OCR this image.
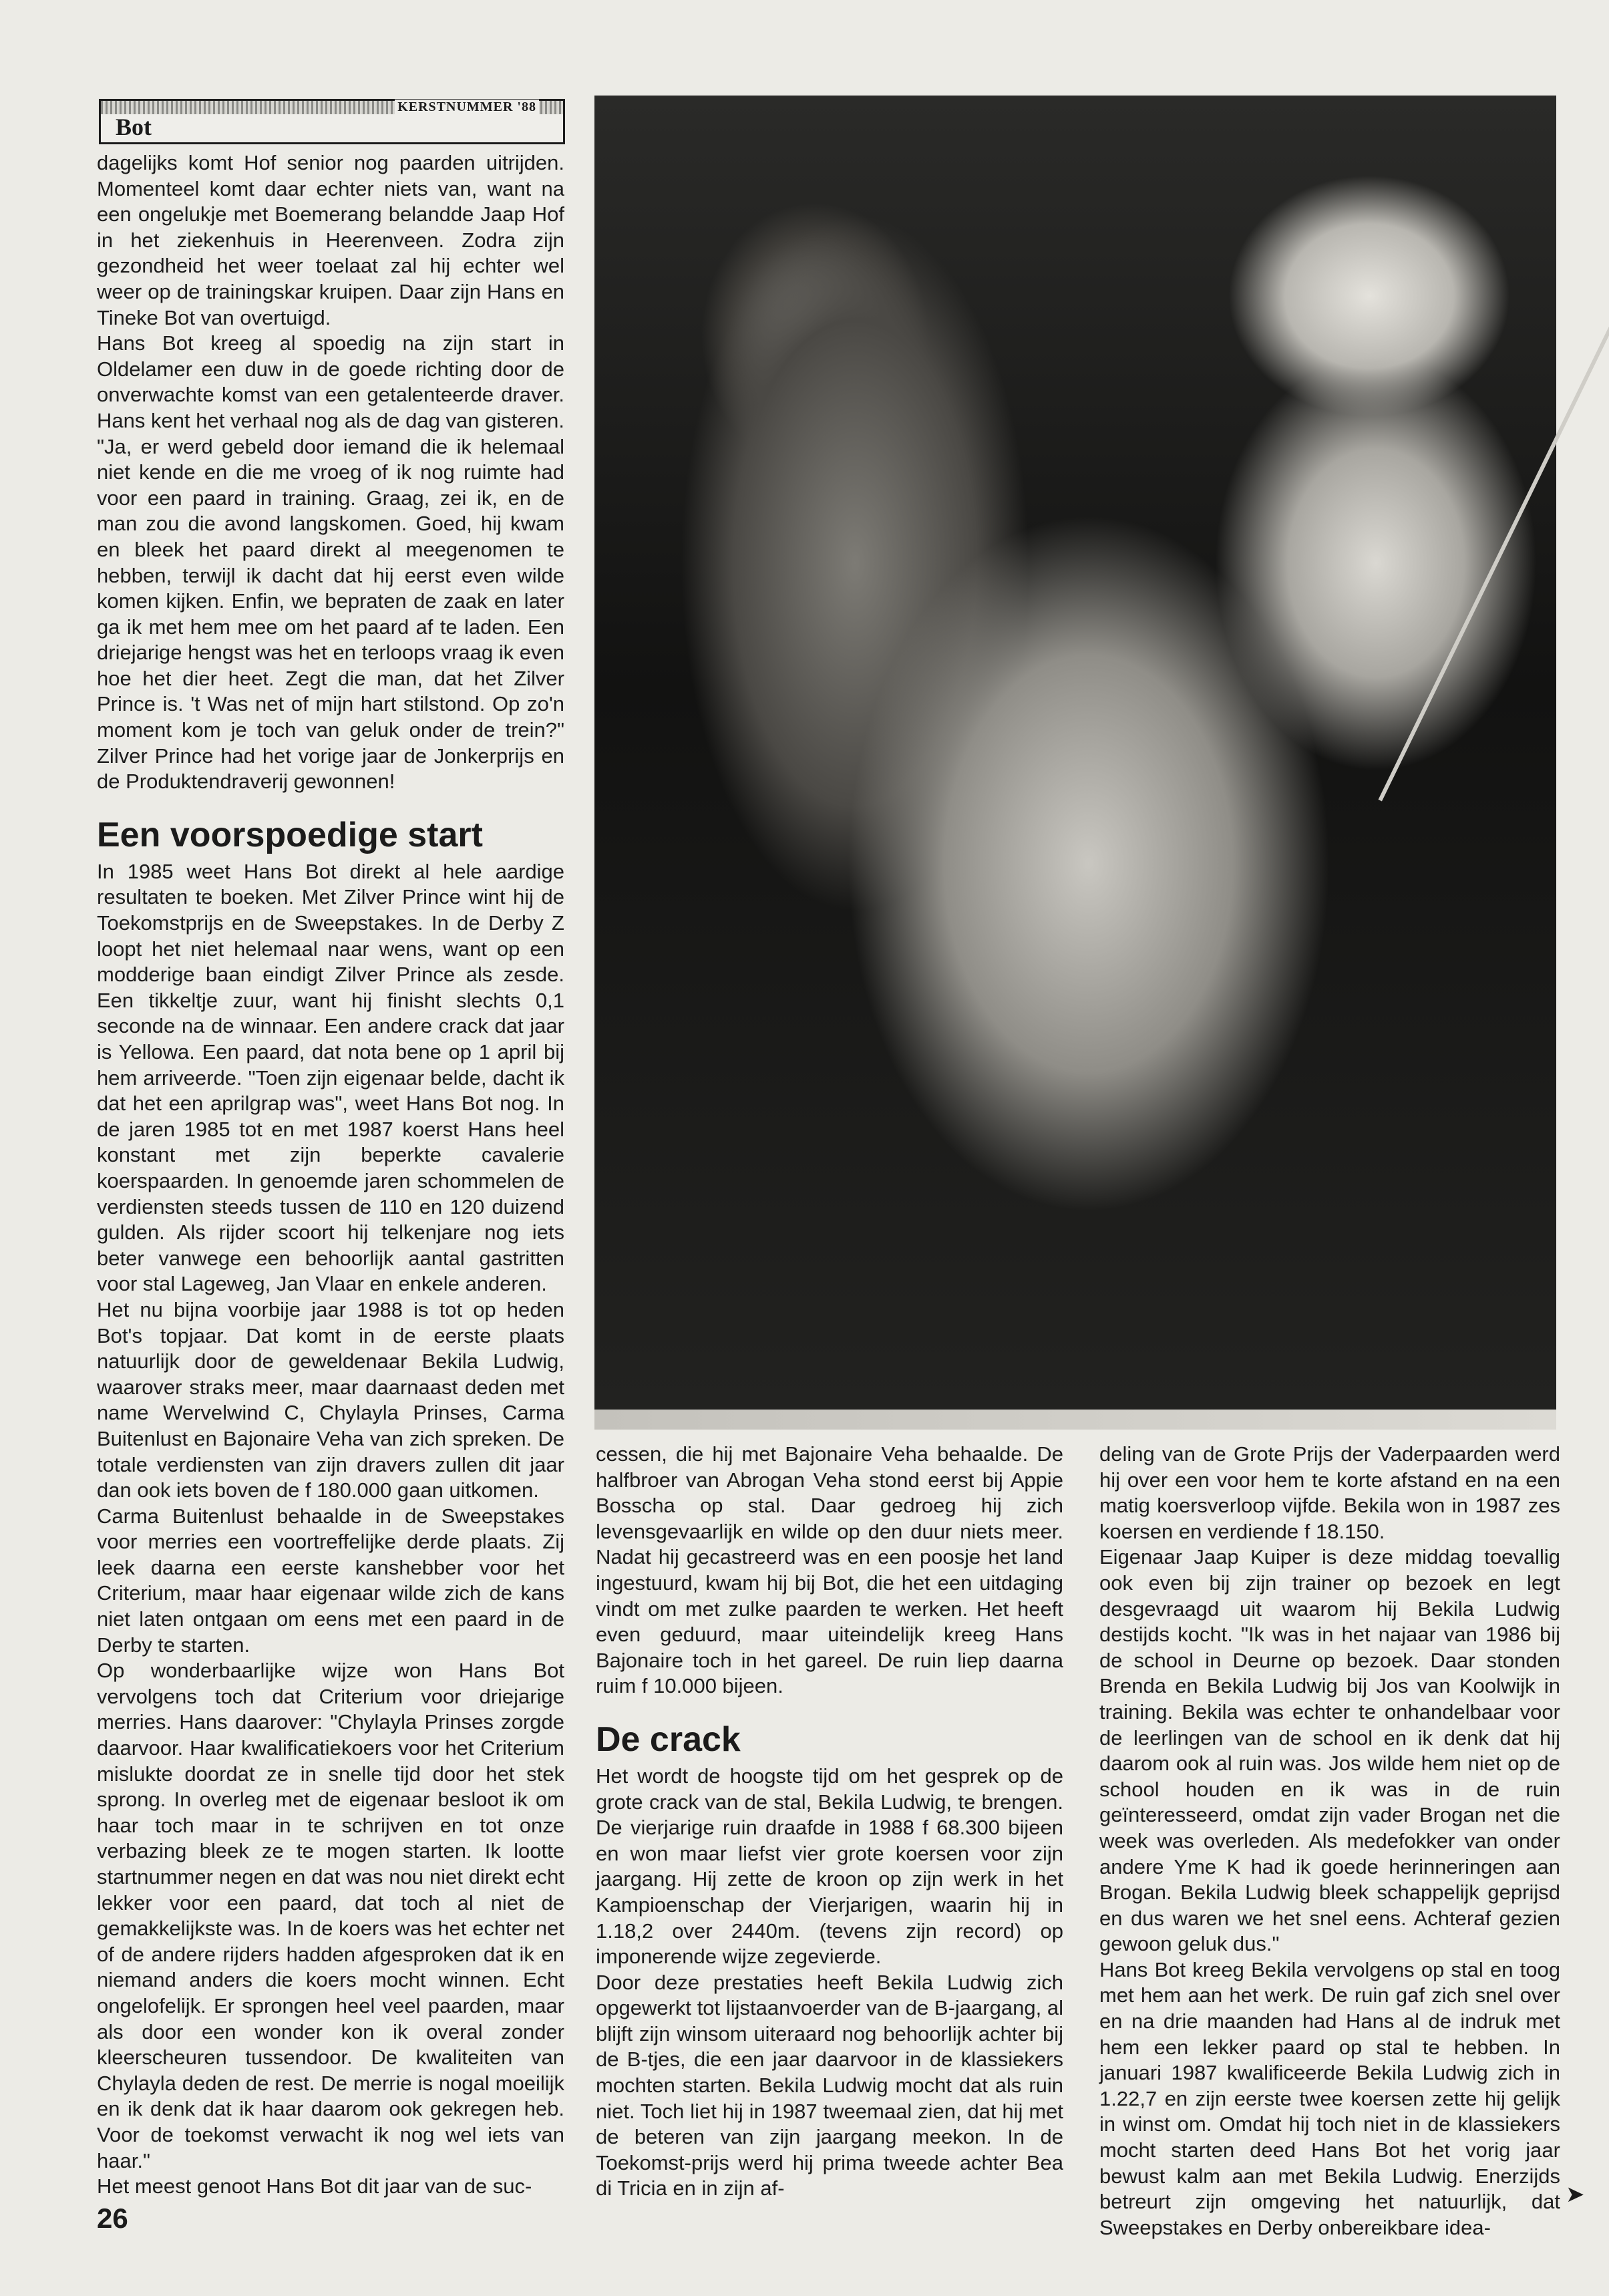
KERSTNUMMER '88
Bot

dagelijks komt Hof senior nog paarden uitrijden. Momenteel komt daar echter niets van, want na een ongelukje met Boemerang belandde Jaap Hof in het ziekenhuis in Heerenveen. Zodra zijn gezondheid het weer toelaat zal hij echter wel weer op de trainingskar kruipen. Daar zijn Hans en Tineke Bot van overtuigd.

Hans Bot kreeg al spoedig na zijn start in Oldelamer een duw in de goede richting door de onverwachte komst van een getalenteerde draver. Hans kent het verhaal nog als de dag van gisteren. "Ja, er werd gebeld door iemand die ik helemaal niet kende en die me vroeg of ik nog ruimte had voor een paard in training. Graag, zei ik, en de man zou die avond langskomen. Goed, hij kwam en bleek het paard direkt al meegenomen te hebben, terwijl ik dacht dat hij eerst even wilde komen kijken. Enfin, we bepraten de zaak en later ga ik met hem mee om het paard af te laden. Een driejarige hengst was het en terloops vraag ik even hoe het dier heet. Zegt die man, dat het Zilver Prince is. 't Was net of mijn hart stilstond. Op zo'n moment kom je toch van geluk onder de trein?" Zilver Prince had het vorige jaar de Jonkerprijs en de Produktendraverij gewonnen!

Een voorspoedige start

In 1985 weet Hans Bot direkt al hele aardige resultaten te boeken. Met Zilver Prince wint hij de Toekomstprijs en de Sweepstakes. In de Derby Z loopt het niet helemaal naar wens, want op een modderige baan eindigt Zilver Prince als zesde. Een tikkeltje zuur, want hij finisht slechts 0,1 seconde na de winnaar. Een andere crack dat jaar is Yellowa. Een paard, dat nota bene op 1 april bij hem arriveerde. "Toen zijn eigenaar belde, dacht ik dat het een aprilgrap was", weet Hans Bot nog. In de jaren 1985 tot en met 1987 koerst Hans heel konstant met zijn beperkte cavalerie koerspaarden. In genoemde jaren schommelen de verdiensten steeds tussen de 110 en 120 duizend gulden. Als rijder scoort hij telkenjare nog iets beter vanwege een behoorlijk aantal gastritten voor stal Lageweg, Jan Vlaar en enkele anderen.

Het nu bijna voorbije jaar 1988 is tot op heden Bot's topjaar. Dat komt in de eerste plaats natuurlijk door de geweldenaar Bekila Ludwig, waarover straks meer, maar daarnaast deden met name Wervelwind C, Chylayla Prinses, Carma Buitenlust en Bajonaire Veha van zich spreken. De totale verdiensten van zijn dravers zullen dit jaar dan ook iets boven de f 180.000 gaan uitkomen.

Carma Buitenlust behaalde in de Sweepstakes voor merries een voortreffelijke derde plaats. Zij leek daarna een eerste kanshebber voor het Criterium, maar haar eigenaar wilde zich de kans niet laten ontgaan om eens met een paard in de Derby te starten.

Op wonderbaarlijke wijze won Hans Bot vervolgens toch dat Criterium voor driejarige merries. Hans daarover: "Chylayla Prinses zorgde daarvoor. Haar kwalificatiekoers voor het Criterium mislukte doordat ze in snelle tijd door het stek sprong. In overleg met de eigenaar besloot ik om haar toch maar in te schrijven en tot onze verbazing bleek ze te mogen starten. Ik lootte startnummer negen en dat was nou niet direkt echt lekker voor een paard, dat toch al niet de gemakkelijkste was. In de koers was het echter net of de andere rijders hadden afgesproken dat ik en niemand anders die koers mocht winnen. Echt ongelofelijk. Er sprongen heel veel paarden, maar als door een wonder kon ik overal zonder kleerscheuren tussendoor. De kwaliteiten van Chylayla deden de rest. De merrie is nogal moeilijk en ik denk dat ik haar daarom ook gekregen heb. Voor de toekomst verwacht ik nog wel iets van haar."

Het meest genoot Hans Bot dit jaar van de suc-

cessen, die hij met Bajonaire Veha behaalde. De halfbroer van Abrogan Veha stond eerst bij Appie Bosscha op stal. Daar gedroeg hij zich levensgevaarlijk en wilde op den duur niets meer. Nadat hij gecastreerd was en een poosje het land ingestuurd, kwam hij bij Bot, die het een uitdaging vindt om met zulke paarden te werken. Het heeft even geduurd, maar uiteindelijk kreeg Hans Bajonaire toch in het gareel. De ruin liep daarna ruim f 10.000 bijeen.

De crack

Het wordt de hoogste tijd om het gesprek op de grote crack van de stal, Bekila Ludwig, te brengen. De vierjarige ruin draafde in 1988 f 68.300 bijeen en won maar liefst vier grote koersen voor zijn jaargang. Hij zette de kroon op zijn werk in het Kampioenschap der Vierjarigen, waarin hij in 1.18,2 over 2440m. (tevens zijn record) op imponerende wijze zegevierde.

Door deze prestaties heeft Bekila Ludwig zich opgewerkt tot lijstaanvoerder van de B-jaargang, al blijft zijn winsom uiteraard nog behoorlijk achter bij de B-tjes, die een jaar daarvoor in de klassiekers mochten starten. Bekila Ludwig mocht dat als ruin niet. Toch liet hij in 1987 tweemaal zien, dat hij met de beteren van zijn jaargang meekon. In de Toekomst-prijs werd hij prima tweede achter Bea di Tricia en in zijn af-

deling van de Grote Prijs der Vaderpaarden werd hij over een voor hem te korte afstand en na een matig koersverloop vijfde. Bekila won in 1987 zes koersen en verdiende f 18.150.

Eigenaar Jaap Kuiper is deze middag toevallig ook even bij zijn trainer op bezoek en legt desgevraagd uit waarom hij Bekila Ludwig destijds kocht. "Ik was in het najaar van 1986 bij de school in Deurne op bezoek. Daar stonden Brenda en Bekila Ludwig bij Jos van Koolwijk in training. Bekila was echter te onhandelbaar voor de leerlingen van de school en ik denk dat hij daarom ook al ruin was. Jos wilde hem niet op de school houden en ik was in de ruin geïnteresseerd, omdat zijn vader Brogan net die week was overleden. Als medefokker van onder andere Yme K had ik goede herinneringen aan Brogan. Bekila Ludwig bleek schappelijk geprijsd en dus waren we het snel eens. Achteraf gezien gewoon geluk dus."

Hans Bot kreeg Bekila vervolgens op stal en toog met hem aan het werk. De ruin gaf zich snel over en na drie maanden had Hans al de indruk met hem een lekker paard op stal te hebben. In januari 1987 kwalificeerde Bekila Ludwig zich in 1.22,7 en zijn eerste twee koersen zette hij gelijk in winst om. Omdat hij toch niet in de klassiekers mocht starten deed Hans Bot het vorig jaar bewust kalm aan met Bekila Ludwig. Enerzijds betreurt zijn omgeving het natuurlijk, dat Sweepstakes en Derby onbereikbare idea-

26
➤
